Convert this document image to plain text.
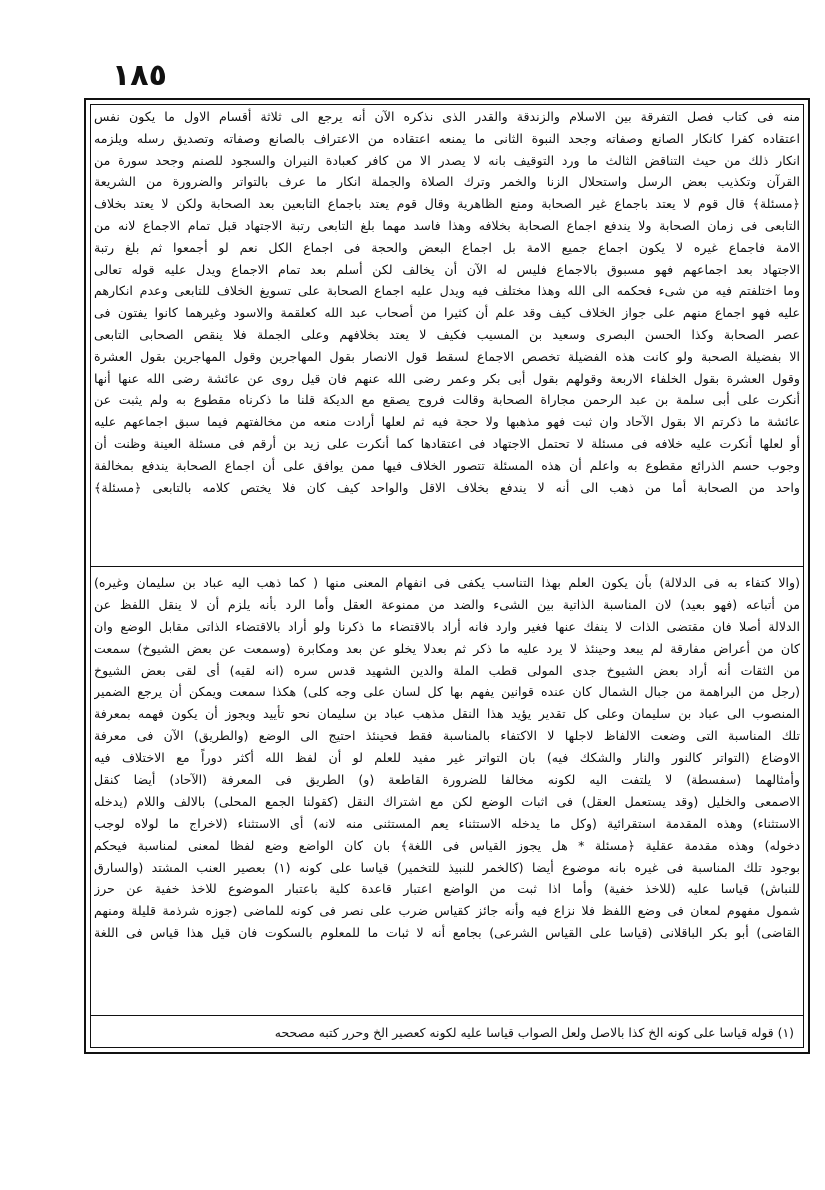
١٨٥
منه فى كتاب فصل التفرقة بين الاسلام والزندقة والقدر الذى نذكره الآن أنه يرجع الى ثلاثة أقسام الاول ما يكون نفس
اعتقاده كفرا كانكار الصانع وصفاته وجحد النبوة الثانى ما يمنعه اعتقاده من الاعتراف بالصانع وصفاته وتصديق رسله ويلزمه
انكار ذلك من حيث التناقض الثالث ما ورد التوقيف بانه لا يصدر الا من كافر كعبادة النيران والسجود للصنم وجحد سورة من
القرآن وتكذيب بعض الرسل واستحلال الزنا والخمر وترك الصلاة والجملة انكار ما عرف بالتواتر والضرورة من الشريعة
﴿مسئلة﴾ قال قوم لا يعتد باجماع غير الصحابة ومنع الظاهرية وقال قوم يعتد باجماع التابعين بعد الصحابة ولكن لا يعتد بخلاف
التابعى فى زمان الصحابة ولا يندفع اجماع الصحابة بخلافه وهذا فاسد مهما بلغ التابعى رتبة الاجتهاد قبل تمام الاجماع لانه من
الامة فاجماع غيره لا يكون اجماع جميع الامة بل اجماع البعض والحجة فى اجماع الكل نعم لو أجمعوا ثم بلغ رتبة
الاجتهاد بعد اجماعهم فهو مسبوق بالاجماع فليس له الآن أن يخالف لكن أسلم بعد تمام الاجماع ويدل عليه قوله تعالى
وما اختلفتم فيه من شىء فحكمه الى الله وهذا مختلف فيه ويدل عليه اجماع الصحابة على تسويغ الخلاف للتابعى وعدم انكارهم
عليه فهو اجماع منهم على جواز الخلاف كيف وقد علم أن كثيرا من أصحاب عبد الله كعلقمة والاسود وغيرهما كانوا يفتون فى
عصر الصحابة وكذا الحسن البصرى وسعيد بن المسيب فكيف لا يعتد بخلافهم وعلى الجملة فلا ينقص الصحابى التابعى
الا بفضيلة الصحبة ولو كانت هذه الفضيلة تخصص الاجماع لسقط قول الانصار بقول المهاجرين وقول المهاجرين بقول العشرة
وقول العشرة بقول الخلفاء الاربعة وقولهم بقول أبى بكر وعمر رضى الله عنهم فان قيل روى عن عائشة رضى الله عنها أنها
أنكرت على أبى سلمة بن عبد الرحمن مجاراة الصحابة وقالت فروج يصقع مع الديكة قلنا ما ذكرناه مقطوع به ولم يثبت عن
عائشة ما ذكرتم الا بقول الآحاد وان ثبت فهو مذهبها ولا حجة فيه ثم لعلها أرادت منعه من مخالفتهم فيما سبق اجماعهم عليه
أو لعلها أنكرت عليه خلافه فى مسئلة لا تحتمل الاجتهاد فى اعتقادها كما أنكرت على زيد بن أرقم فى مسئلة العينة وظنت أن
وجوب حسم الذرائع مقطوع به واعلم أن هذه المسئلة تتصور الخلاف فيها ممن يوافق على أن اجماع الصحابة يندفع بمخالفة
واحد من الصحابة أما من ذهب الى أنه لا يندفع بخلاف الاقل والواحد كيف كان فلا يختص كلامه بالتابعى ﴿مسئلة﴾
(والا كتفاء به فى الدلالة) بأن يكون العلم بهذا التناسب يكفى فى انفهام المعنى منها ( كما ذهب اليه عباد بن سليمان وغيره)
من أتباعه (فهو بعيد) لان المناسبة الذاتية بين الشىء والضد من ممنوعة العقل وأما الرد بأنه يلزم أن لا ينقل اللفظ عن
الدلالة أصلا فان مقتضى الذات لا ينفك عنها فغير وارد فانه أراد بالاقتضاء ما ذكرنا ولو أراد بالاقتضاء الذاتى مقابل الوضع وان
كان من أعراض مفارقة لم يبعد وحينئذ لا يرد عليه ما ذكر ثم بعدلا يخلو عن بعد ومكابرة (وسمعت عن بعض الشيوخ) سمعت
من الثقات أنه أراد بعض الشيوخ جدى المولى قطب الملة والدين الشهيد قدس سره (انه لقيه) أى لقى بعض الشيوخ
(رجل من البراهمة من جبال الشمال كان عنده قوانين يفهم بها كل لسان على وجه كلى) هكذا سمعت ويمكن أن يرجع الضمير
المنصوب الى عباد بن سليمان وعلى كل تقدير يؤيد هذا النقل مذهب عباد بن سليمان نحو تأييد ويجوز أن يكون فهمه بمعرفة
تلك المناسبة التى وضعت الالفاظ لاجلها لا الاكتفاء بالمناسبة فقط فحينئذ احتيج الى الوضع (والطريق) الآن فى معرفة
الاوضاع (التواتر كالنور والنار والشكك فيه) بان التواتر غير مفيد للعلم لو أن لفظ الله أكثر دوراً مع الاختلاف فيه
وأمثالهما (سفسطة) لا يلتفت اليه لكونه مخالفا للضرورة القاطعة (و) الطريق فى المعرفة (الآحاد) أيضا كنقل
الاصمعى والخليل (وقد يستعمل العقل) فى اثبات الوضع لكن مع اشتراك النقل (كقولنا الجمع المحلى) بالالف واللام (يدخله
الاستثناء) وهذه المقدمة استقرائية (وكل ما يدخله الاستثناء يعم المستثنى منه لانه) أى الاستثناء (لاخراج ما لولاه لوجب
دخوله) وهذه مقدمة عقلية ﴿مسئلة * هل يجوز القياس فى اللغة﴾ بان كان الواضع وضع لفظا لمعنى لمناسبة فيحكم
بوجود تلك المناسبة فى غيره بانه موضوع أيضا (كالخمر للنبيذ للتخمير) قياسا على كونه (١) بعصير العنب المشتد (والسارق
للنباش) قياسا عليه (للاخذ خفية) وأما اذا ثبت من الواضع اعتبار قاعدة كلية باعتبار الموضوع للاخذ خفية عن حرز
شمول مفهوم لمعان فى وضع اللفظ فلا نزاع فيه وأنه جائز كقياس ضرب على نصر فى كونه للماضى (جوزه شرذمة قليلة ومنهم
القاضى) أبو بكر الباقلانى (قياسا على القياس الشرعى) بجامع أنه لا ثبات ما للمعلوم بالسكوت فان قيل هذا قياس فى اللغة
(١) قوله قياسا على كونه الخ كذا بالاصل ولعل الصواب قياسا عليه لكونه كعصير الخ وحرر كتبه مصححه
